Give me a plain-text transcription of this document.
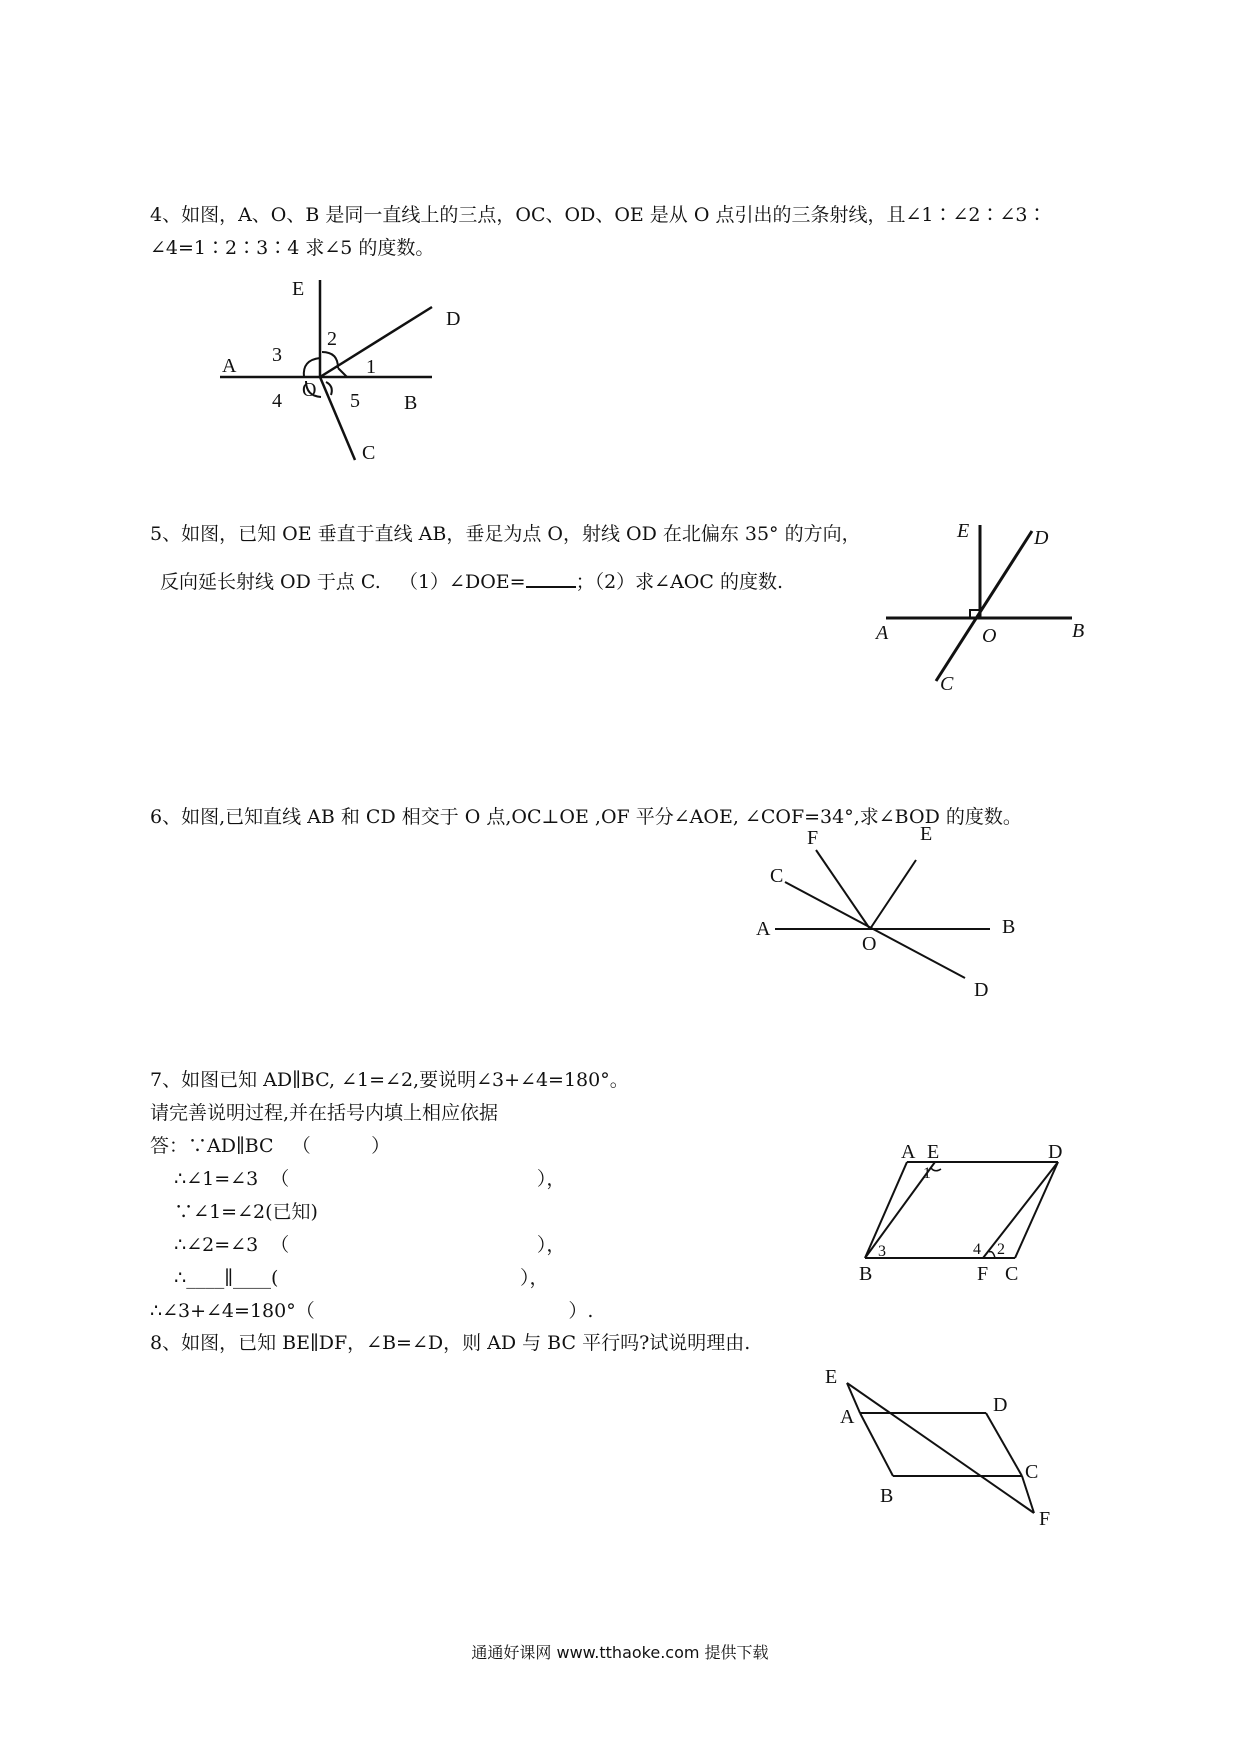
4、如图，A、O、B 是同一直线上的三点，OC、OD、OE 是从 O 点引出的三条射线，且∠1∶∠2∶∠3∶
∠4=1∶2∶3∶4 求∠5 的度数。
E
D
A
O
B
C
1
2
3
4	5
5、如图，已知 OE 垂直于直线 AB，垂足为点 O，射线 OD 在北偏东 35° 的方向，
反向延长射线 OD 于点 C.   （1）∠DOE=	；（2）求∠AOC 的度数.
E	D
A	O	B
C
6、如图,已知直线 AB 和 CD 相交于 O 点,OC⊥OE ,OF 平分∠AOE, ∠COF=34°,求∠BOD 的度数。
F	E
C
A
O
B
D
7、如图已知 AD∥BC, ∠1=∠2,要说明∠3+∠4=180°。
请完善说明过程,并在括号内填上相应依据
答：∵AD∥BC   （          ）
∴∠1=∠3  （                                         ），
∵∠1=∠2(已知)
∴∠2=∠3  （                                         ），
∴____∥____(                                        ），
∴∠3+∠4=180°（                                          ）.
A E	D
B	F C
1
3	4 2
8、如图，已知 BE∥DF，∠B=∠D，则 AD 与 BC 平行吗?试说明理由.
E
A
D
B
C
F
通通好课网 www.tthaoke.com 提供下载
